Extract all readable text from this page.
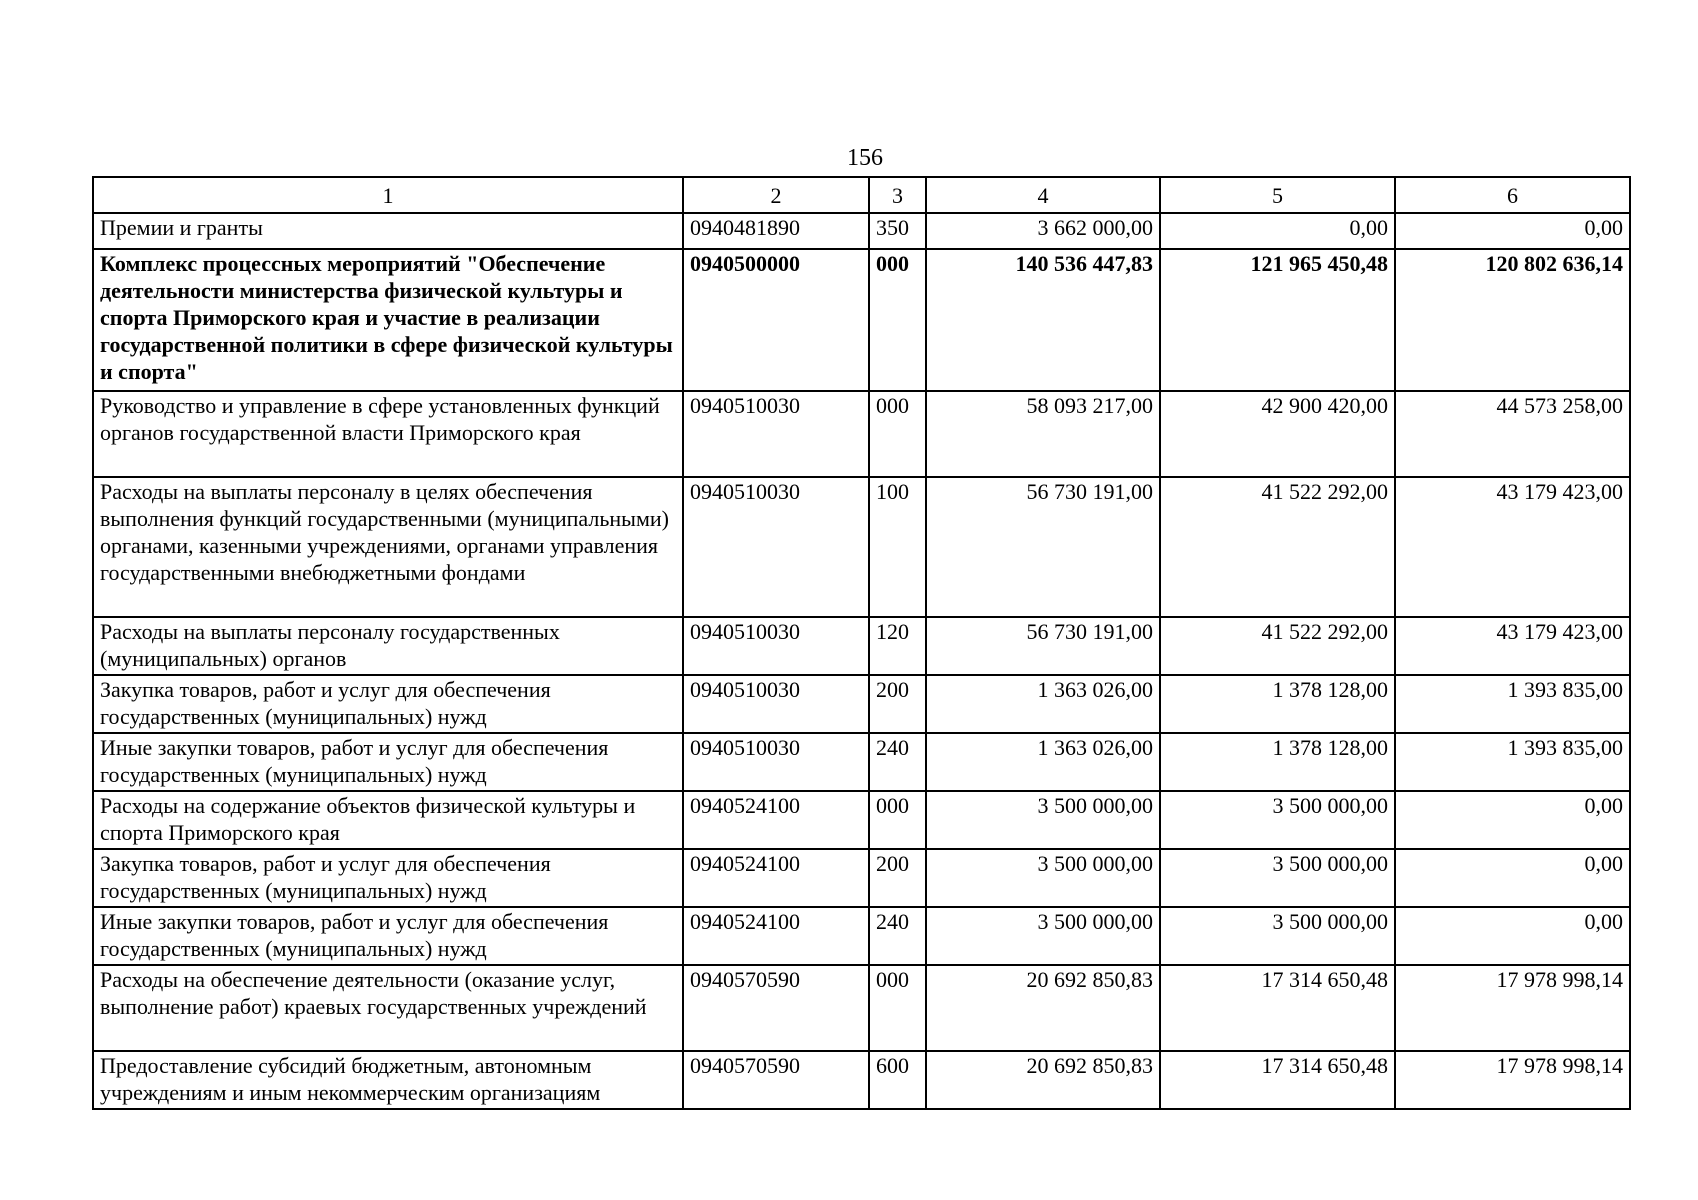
156
1	2	3	4	5	6
Премии и гранты	0940481890	350	3 662 000,00	0,00	0,00
Комплекс процессных мероприятий "Обеспечение деятельности министерства физической культуры и спорта Приморского края и участие в реализации государственной политики в сфере физической культуры и спорта"	0940500000	000	140 536 447,83	121 965 450,48	120 802 636,14
Руководство и управление в сфере установленных функций органов государственной власти Приморского края	0940510030	000	58 093 217,00	42 900 420,00	44 573 258,00
Расходы на выплаты персоналу в целях обеспечения выполнения функций государственными (муниципальными) органами, казенными учреждениями, органами управления государственными внебюджетными фондами	0940510030	100	56 730 191,00	41 522 292,00	43 179 423,00
Расходы на выплаты персоналу государственных (муниципальных) органов	0940510030	120	56 730 191,00	41 522 292,00	43 179 423,00
Закупка товаров, работ и услуг для обеспечения государственных (муниципальных) нужд	0940510030	200	1 363 026,00	1 378 128,00	1 393 835,00
Иные закупки товаров, работ и услуг для обеспечения государственных (муниципальных) нужд	0940510030	240	1 363 026,00	1 378 128,00	1 393 835,00
Расходы на содержание объектов физической культуры и спорта Приморского края	0940524100	000	3 500 000,00	3 500 000,00	0,00
Закупка товаров, работ и услуг для обеспечения государственных (муниципальных) нужд	0940524100	200	3 500 000,00	3 500 000,00	0,00
Иные закупки товаров, работ и услуг для обеспечения государственных (муниципальных) нужд	0940524100	240	3 500 000,00	3 500 000,00	0,00
Расходы на обеспечение деятельности (оказание услуг, выполнение работ) краевых государственных учреждений	0940570590	000	20 692 850,83	17 314 650,48	17 978 998,14
Предоставление субсидий бюджетным, автономным учреждениям и иным некоммерческим организациям	0940570590	600	20 692 850,83	17 314 650,48	17 978 998,14
